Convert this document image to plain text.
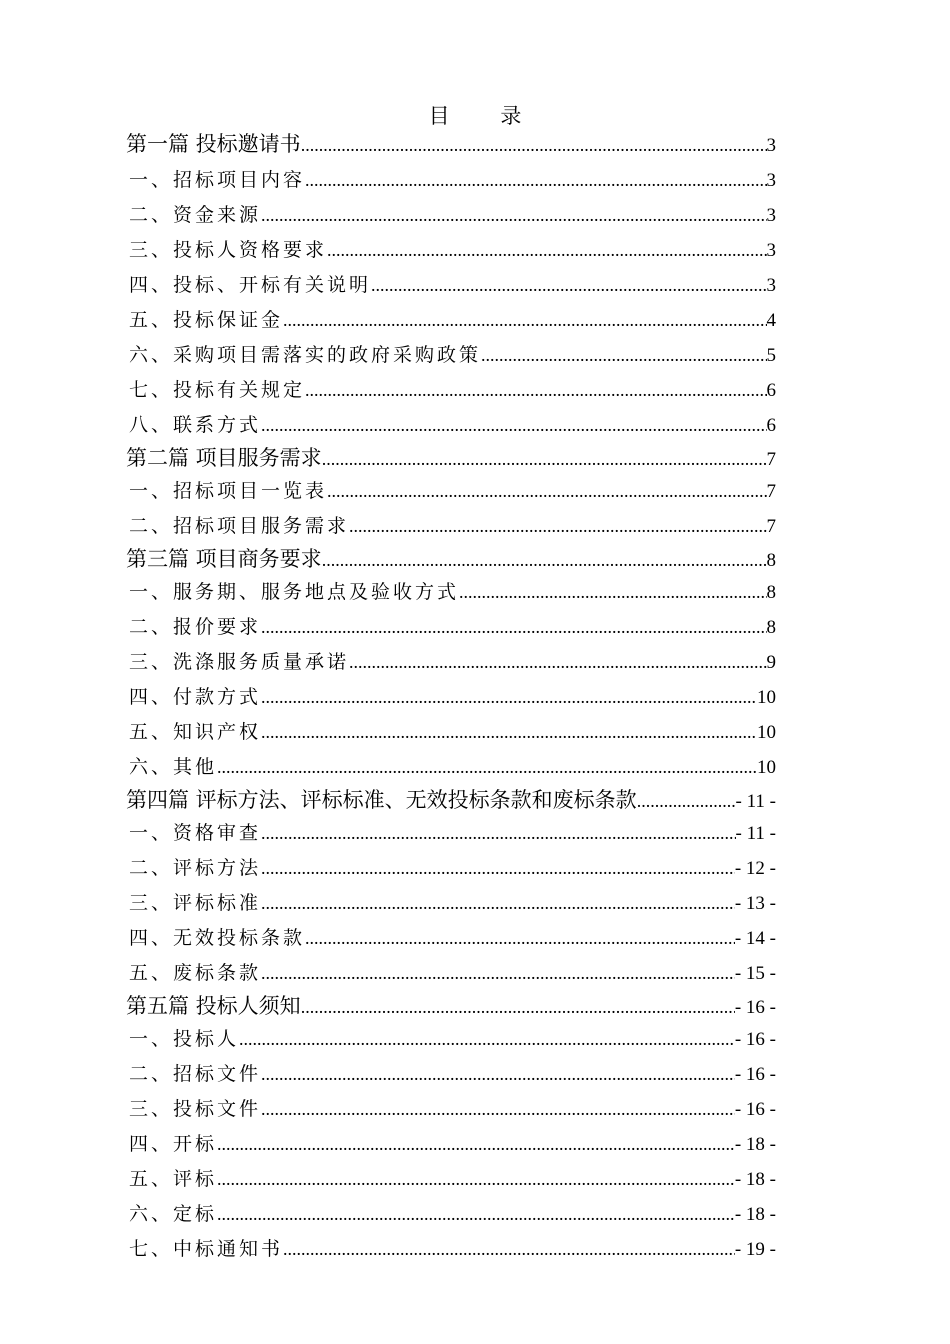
目 录
第一篇 投标邀请书 .....	3
一、招标项目内容 .....	3
二、资金来源 .....	3
三、投标人资格要求 .....	3
四、投标、开标有关说明 .....	3
五、投标保证金 .....	4
六、采购项目需落实的政府采购政策 .....	5
七、投标有关规定 .....	6
八、联系方式 .....	6
第二篇 项目服务需求 .....	7
一、招标项目一览表 .....	7
二、招标项目服务需求 .....	7
第三篇 项目商务要求 .....	8
一、服务期、服务地点及验收方式 .....	8
二、报价要求 .....	8
三、洗涤服务质量承诺 .....	9
四、付款方式 .....	10
五、知识产权 .....	10
六、其他 .....	10
第四篇 评标方法、评标标准、无效投标条款和废标条款 .....	- 11 -
一、资格审查 .....	- 11 -
二、评标方法 .....	- 12 -
三、评标标准 .....	- 13 -
四、无效投标条款 .....	- 14 -
五、废标条款 .....	- 15 -
第五篇 投标人须知 .....	- 16 -
一、投标人 .....	- 16 -
二、招标文件 .....	- 16 -
三、投标文件 .....	- 16 -
四、开标 .....	- 18 -
五、评标 .....	- 18 -
六、定标 .....	- 18 -
七、中标通知书 .....	- 19 -
